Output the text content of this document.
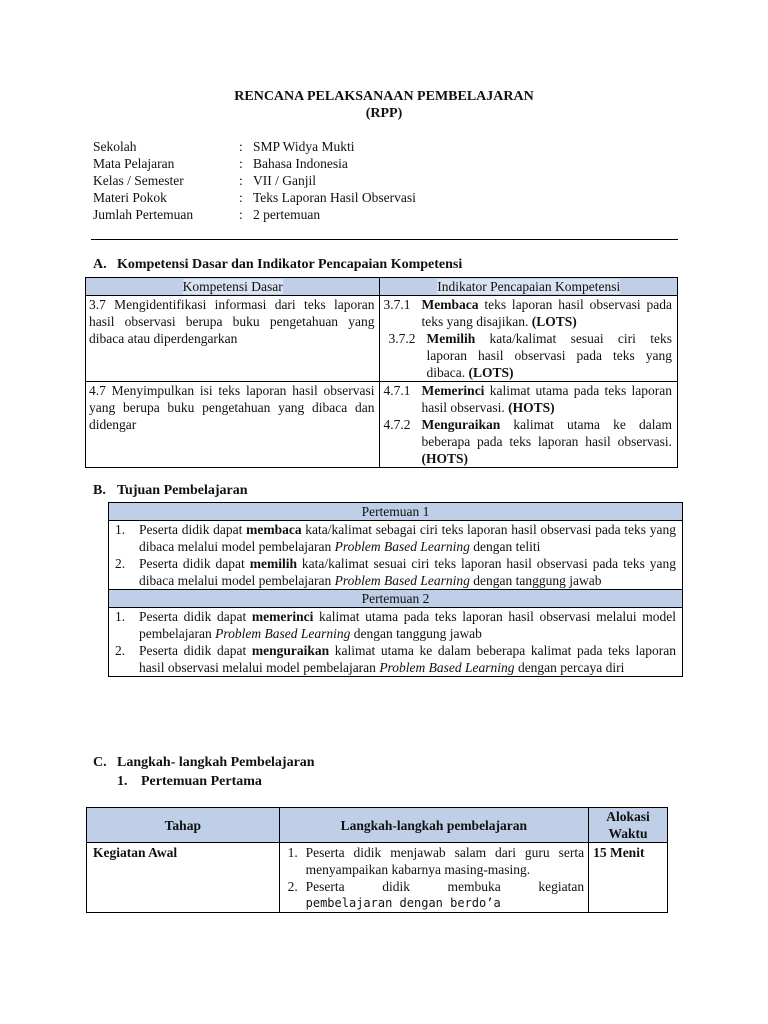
RENCANA PELAKSANAAN PEMBELAJARAN
(RPP)
Sekolah	: SMP Widya Mukti
Mata Pelajaran	: Bahasa Indonesia
Kelas / Semester	: VII / Ganjil
Materi Pokok	: Teks Laporan Hasil Observasi
Jumlah Pertemuan	: 2 pertemuan
A. Kompetensi Dasar dan Indikator Pencapaian Kompetensi
Kompetensi Dasar	Indikator Pencapaian Kompetensi

3.7 Mengidentifikasi informasi dari teks laporan hasil observasi berupa buku pengetahuan yang dibaca atau diperdengarkan	3.7.1 Membaca teks laporan hasil observasi pada teks yang disajikan. (LOTS)
3.7.2 Memilih kata/kalimat sesuai ciri teks laporan hasil observasi pada teks yang dibaca. (LOTS)

4.7 Menyimpulkan isi teks laporan hasil observasi yang berupa buku pengetahuan yang dibaca dan didengar	4.7.1 Memerinci kalimat utama pada teks laporan hasil observasi. (HOTS)
4.7.2 Menguraikan kalimat utama ke dalam beberapa pada teks laporan hasil observasi. (HOTS)
B. Tujuan Pembelajaran
Pertemuan 1

1.	Peserta didik dapat membaca kata/kalimat sebagai ciri teks laporan hasil observasi pada teks yang dibaca melalui model pembelajaran Problem Based Learning dengan teliti
2.	Peserta didik dapat memilih kata/kalimat sesuai ciri teks laporan hasil observasi pada teks yang dibaca melalui model pembelajaran Problem Based Learning dengan tanggung jawab

Pertemuan 2

1.	Peserta didik dapat memerinci kalimat utama pada teks laporan hasil observasi melalui model pembelajaran Problem Based Learning dengan tanggung jawab
2.	Peserta didik dapat menguraikan kalimat utama ke dalam beberapa kalimat pada teks laporan hasil observasi melalui model pembelajaran Problem Based Learning dengan percaya diri
C. Langkah- langkah Pembelajaran
1. Pertemuan Pertama
Tahap	Langkah-langkah pembelajaran	Alokasi
Waktu

Kegiatan Awal	1. Peserta didik menjawab salam dari guru serta menyampaikan kabarnya masing-masing.
2. Peserta didik membuka kegiatan
pembelajaran dengan berdo’a	15 Menit
